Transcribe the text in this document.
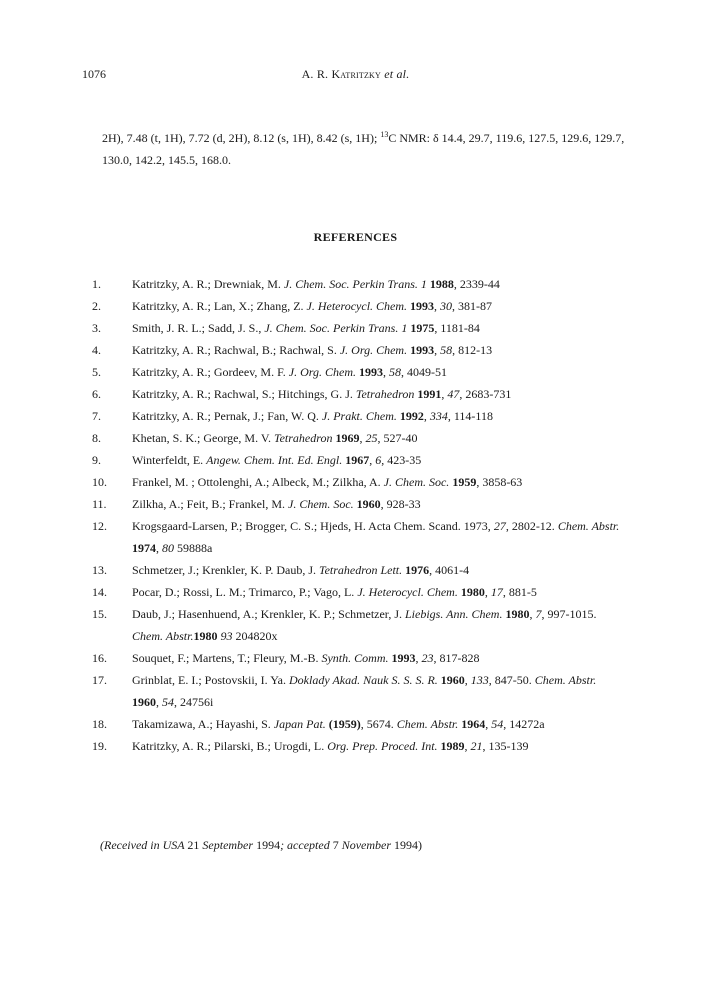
1076	A. R. Katritzky et al.
2H), 7.48 (t, 1H), 7.72 (d, 2H), 8.12 (s, 1H), 8.42 (s, 1H); $^{13}$C NMR: δ 14.4, 29.7, 119.6, 127.5, 129.6, 129.7,
130.0, 142.2, 145.5, 168.0.
REFERENCES
1.	Katritzky, A. R.; Drewniak, M. J. Chem. Soc. Perkin Trans. 1 1988, 2339-44
2.	Katritzky, A. R.; Lan, X.; Zhang, Z. J. Heterocycl. Chem. 1993, 30, 381-87
3.	Smith, J. R. L.; Sadd, J. S., J. Chem. Soc. Perkin Trans. 1 1975, 1181-84
4.	Katritzky, A. R.; Rachwal, B.; Rachwal, S. J. Org. Chem. 1993, 58, 812-13
5.	Katritzky, A. R.; Gordeev, M. F. J. Org. Chem. 1993, 58, 4049-51
6.	Katritzky, A. R.; Rachwal, S.; Hitchings, G. J. Tetrahedron 1991, 47, 2683-731
7.	Katritzky, A. R.; Pernak, J.; Fan, W. Q. J. Prakt. Chem. 1992, 334, 114-118
8.	Khetan, S. K.; George, M. V. Tetrahedron 1969, 25, 527-40
9.	Winterfeldt, E. Angew. Chem. Int. Ed. Engl. 1967, 6, 423-35
10.	Frankel, M. ; Ottolenghi, A.; Albeck, M.; Zilkha, A. J. Chem. Soc. 1959, 3858-63
11.	Zilkha, A.; Feit, B.; Frankel, M. J. Chem. Soc. 1960, 928-33
12.	Krogsgaard-Larsen, P.; Brogger, C. S.; Hjeds, H. Acta Chem. Scand. 1973, 27, 2802-12. Chem. Abstr.
1974, 80 59888a
13.	Schmetzer, J.; Krenkler, K. P. Daub, J. Tetrahedron Lett. 1976, 4061-4
14.	Pocar, D.; Rossi, L. M.; Trimarco, P.; Vago, L. J. Heterocycl. Chem. 1980, 17, 881-5
15.	Daub, J.; Hasenhuend, A.; Krenkler, K. P.; Schmetzer, J. Liebigs. Ann. Chem. 1980, 7, 997-1015.
Chem. Abstr.1980 93 204820x
16.	Souquet, F.; Martens, T.; Fleury, M.-B. Synth. Comm. 1993, 23, 817-828
17.	Grinblat, E. I.; Postovskii, I. Ya. Doklady Akad. Nauk S. S. S. R. 1960, 133, 847-50. Chem. Abstr.
1960, 54, 24756i
18.	Takamizawa, A.; Hayashi, S. Japan Pat. (1959), 5674. Chem. Abstr. 1964, 54, 14272a
19.	Katritzky, A. R.; Pilarski, B.; Urogdi, L. Org. Prep. Proced. Int. 1989, 21, 135-139
(Received in USA 21 September 1994; accepted 7 November 1994)
